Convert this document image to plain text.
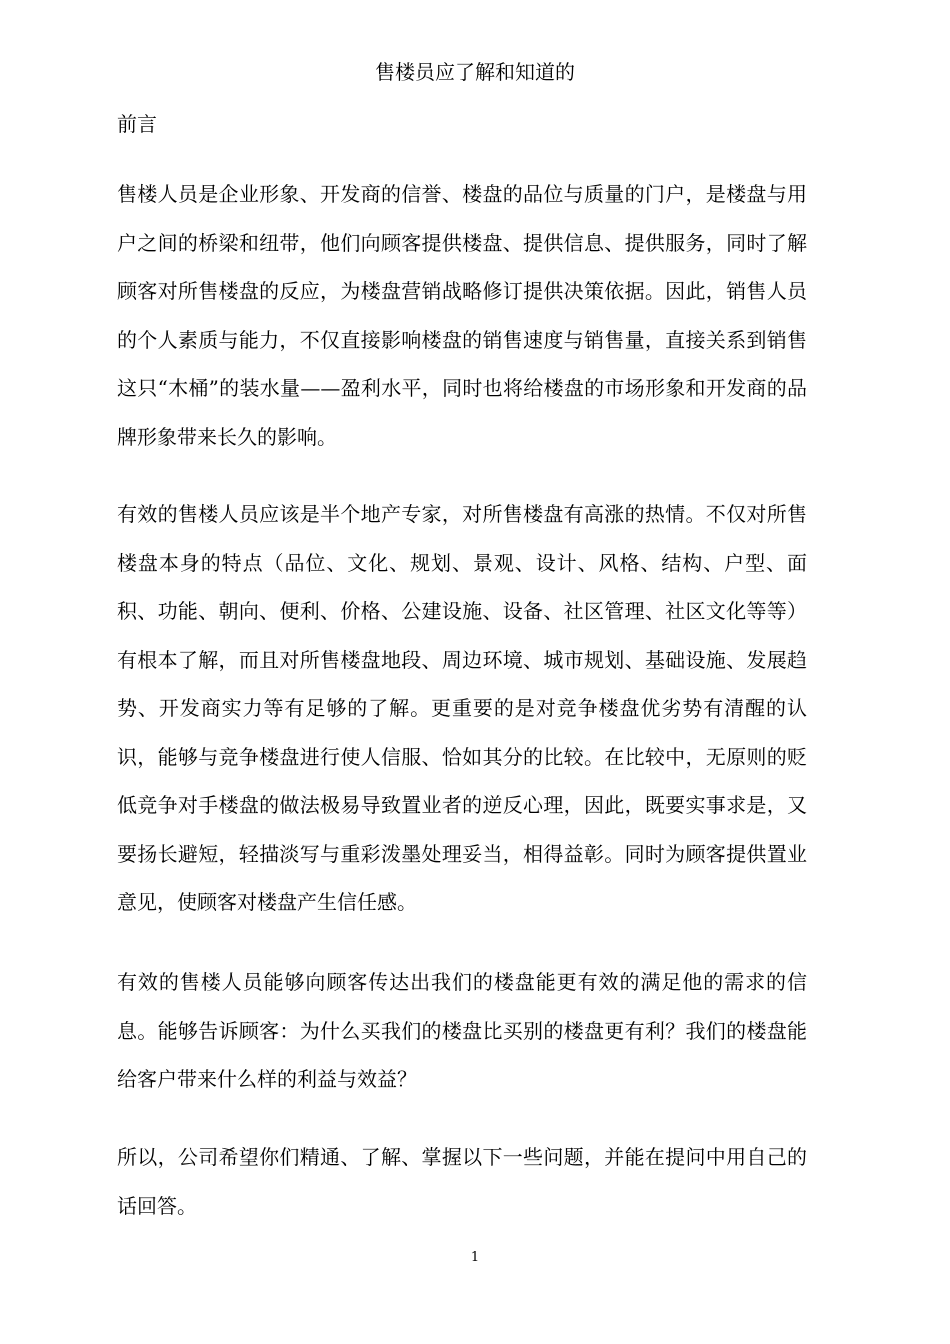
售楼员应了解和知道的
前言

售楼人员是企业形象、开发商的信誉、楼盘的品位与质量的门户，是楼盘与用户之间的桥梁和纽带，他们向顾客提供楼盘、提供信息、提供服务，同时了解顾客对所售楼盘的反应，为楼盘营销战略修订提供决策依据。因此，销售人员的个人素质与能力，不仅直接影响楼盘的销售速度与销售量，直接关系到销售这只“木桶”的装水量——盈利水平，同时也将给楼盘的市场形象和开发商的品牌形象带来长久的影响。

有效的售楼人员应该是半个地产专家，对所售楼盘有高涨的热情。不仅对所售楼盘本身的特点（品位、文化、规划、景观、设计、风格、结构、户型、面积、功能、朝向、便利、价格、公建设施、设备、社区管理、社区文化等等）有根本了解，而且对所售楼盘地段、周边环境、城市规划、基础设施、发展趋势、开发商实力等有足够的了解。更重要的是对竞争楼盘优劣势有清醒的认识，能够与竞争楼盘进行使人信服、恰如其分的比较。在比较中，无原则的贬低竞争对手楼盘的做法极易导致置业者的逆反心理，因此，既要实事求是，又要扬长避短，轻描淡写与重彩泼墨处理妥当，相得益彰。同时为顾客提供置业意见，使顾客对楼盘产生信任感。

有效的售楼人员能够向顾客传达出我们的楼盘能更有效的满足他的需求的信息。能够告诉顾客：为什么买我们的楼盘比买别的楼盘更有利？我们的楼盘能给客户带来什么样的利益与效益？

所以，公司希望你们精通、了解、掌握以下一些问题，并能在提问中用自己的话回答。

1
